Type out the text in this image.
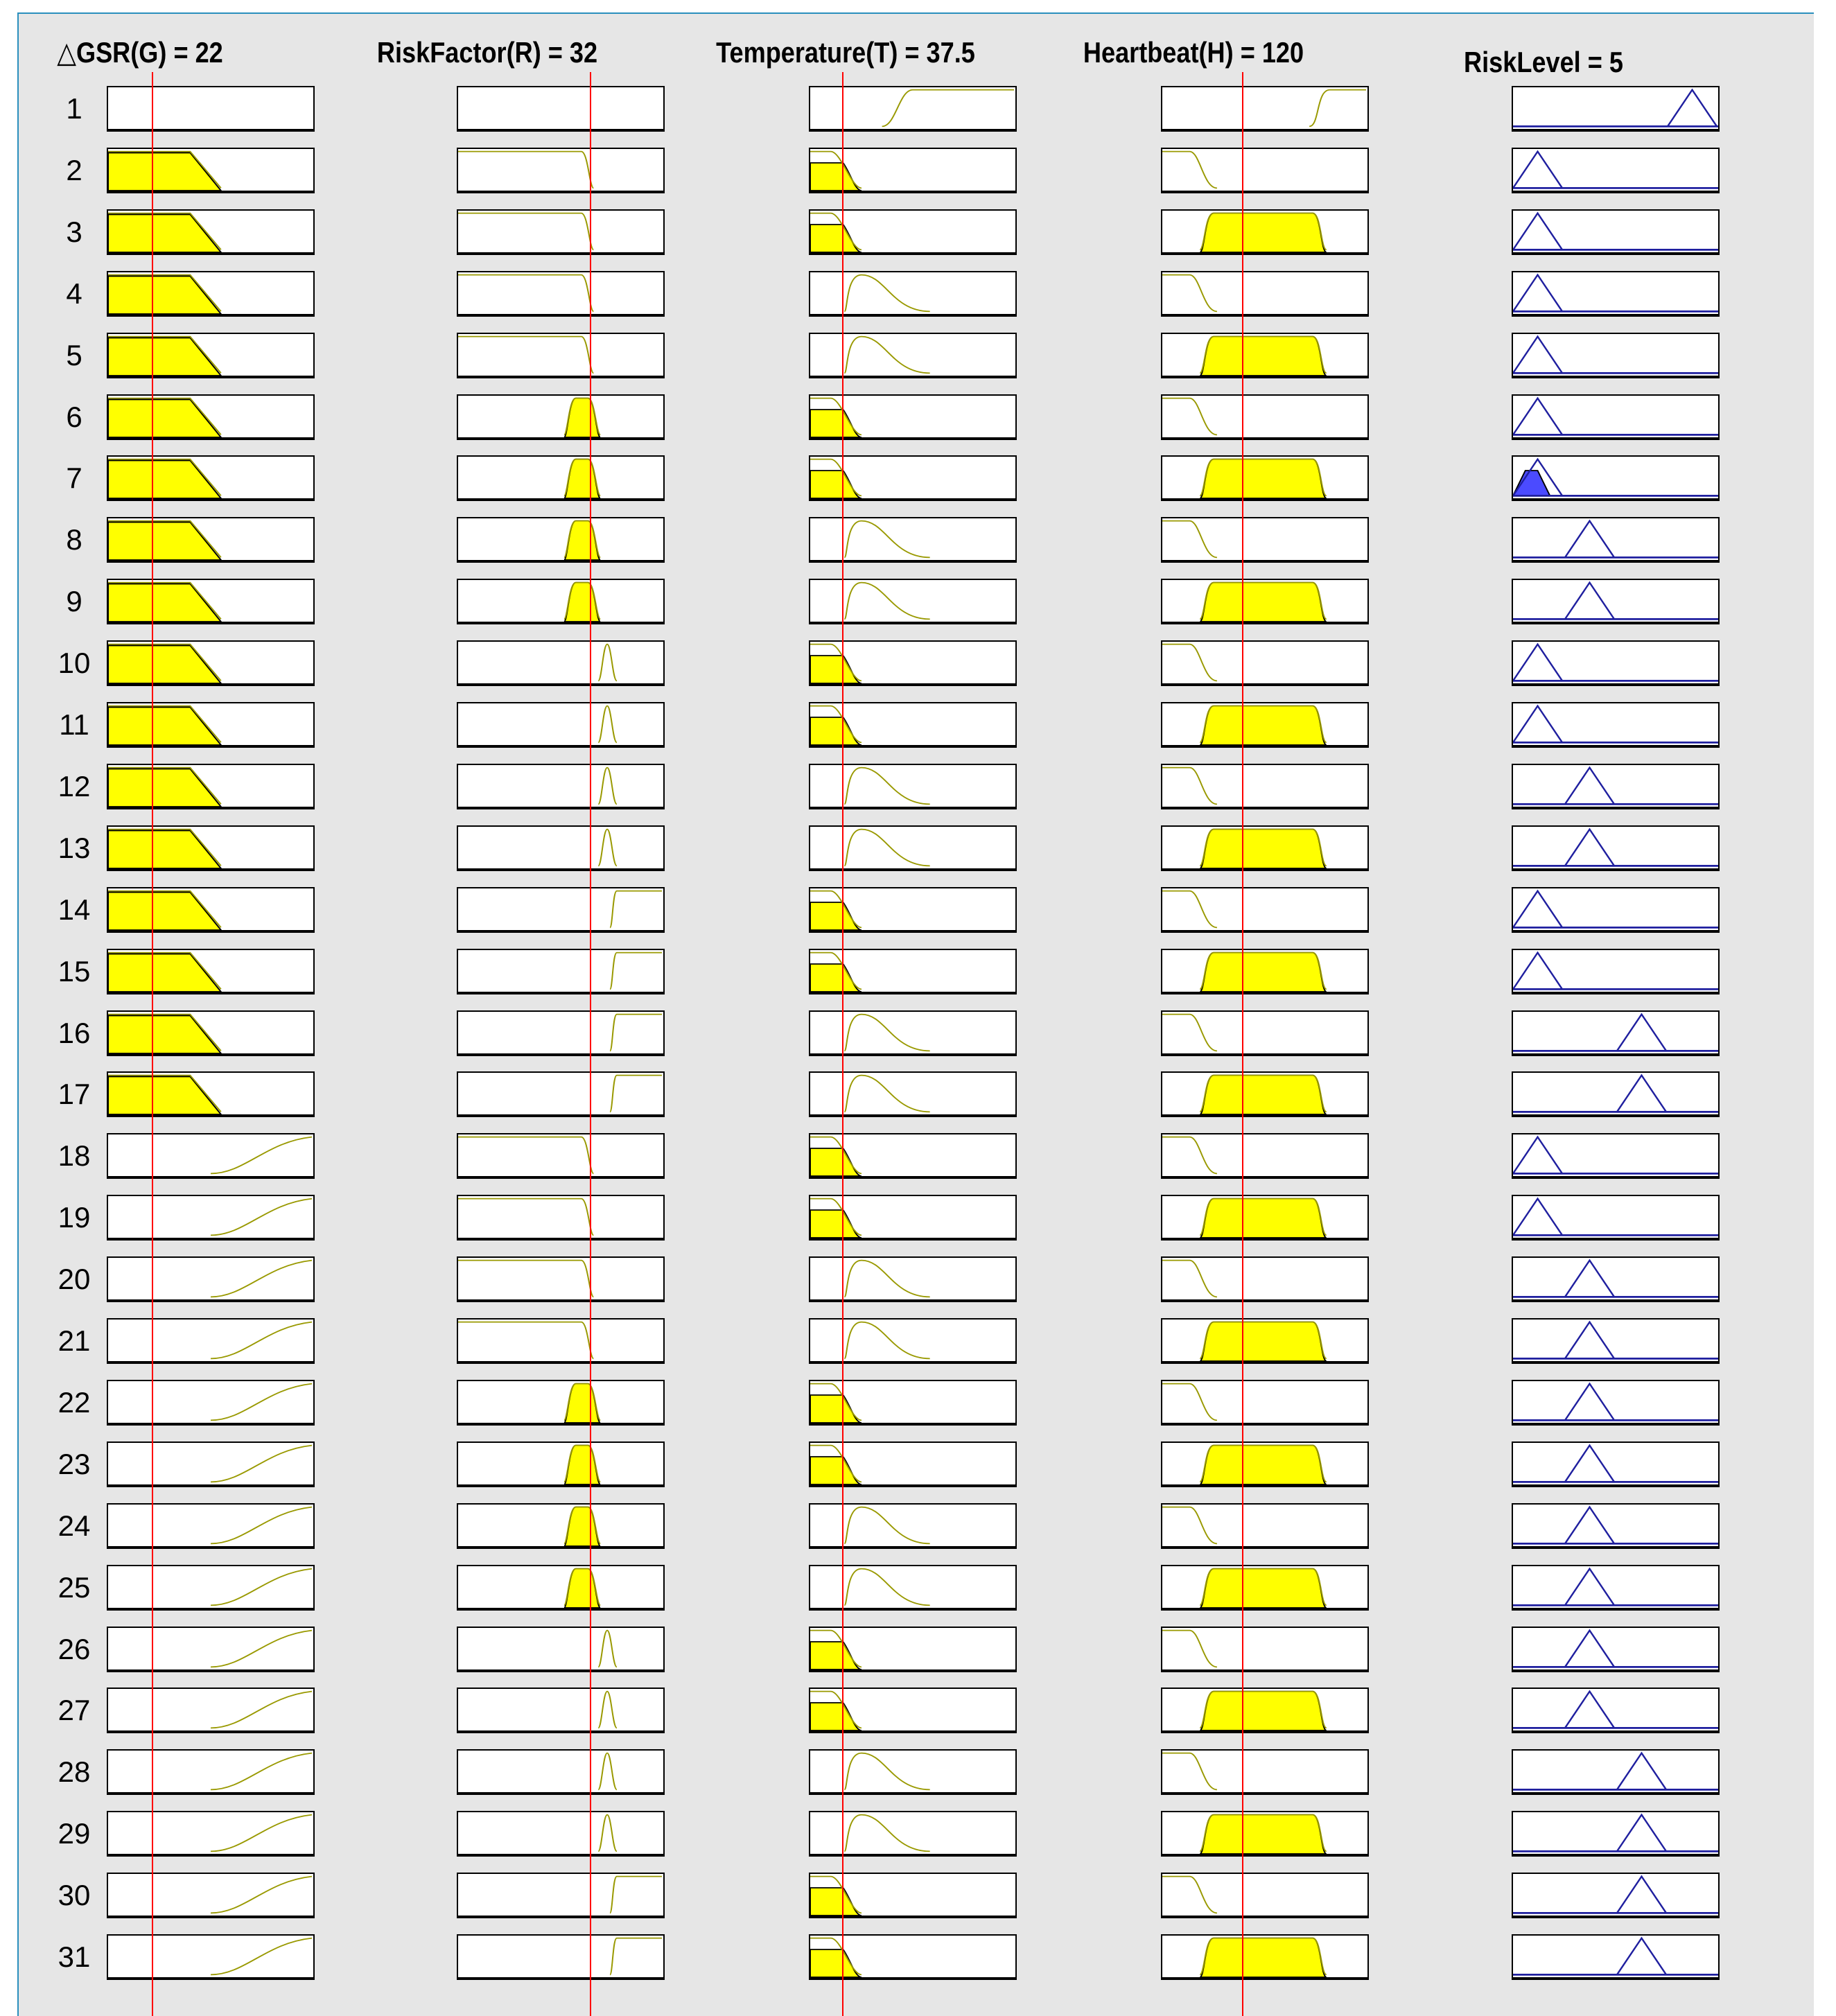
△GSR(G) = 22	RiskFactor(R) = 32	Temperature(T) = 37.5	Heartbeat(H) = 120	RiskLevel = 5
1
2
3
4
5
6
7
8
9
10
11
12
13
14
15
16
17
18
19
20
21
22
23
24
25
26
27
28
29
30
31
